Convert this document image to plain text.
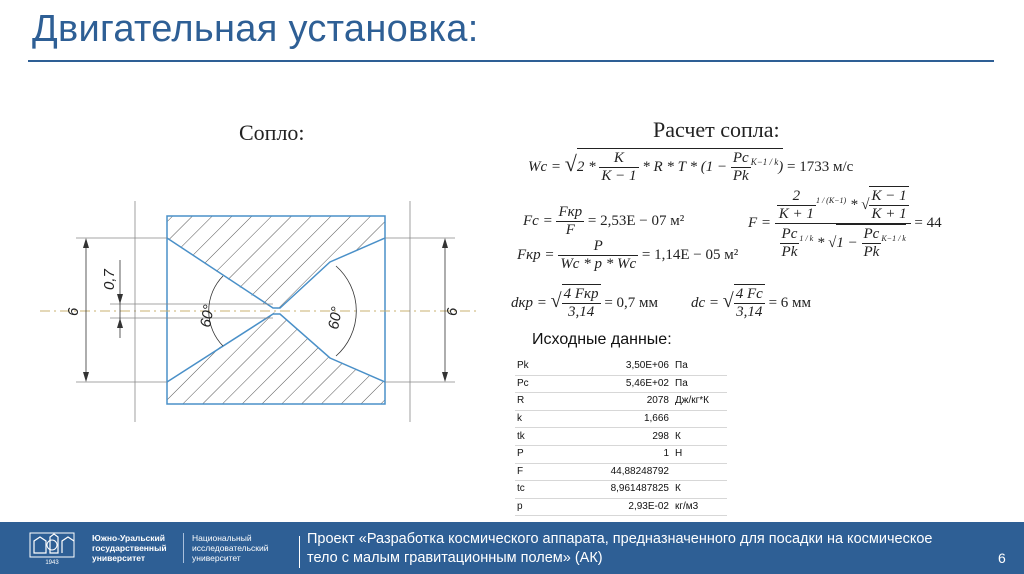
Двигательная установка:
Сопло:	Расчет сопла:
6	6
0,7
60°	60°
$Wc = √2 * \frac{K}{K - 1} * R * T * (1 - \frac{Pc}{Pk} ^{K-1 / k}) = 1733$ м/с
$Fc = \frac{\text{Fкр}}{F} = 2,53E - 07$ м²
Fкр = $\frac{P}{Wc * p * Wc} = 1,14E - 05$ м²
$F = \frac{\frac{2}{K + 1} ^{1 / (K-1)} * √ \frac{K - 1}{K + 1}}{\frac{Pc}{Pk} ^{1 / k} * √1 - \frac{Pc}{Pk} ^{K-1 / k}} = 44$
dкр = √ $\frac{\text{4 Fкр}}{3,14} = 0,7$ мм dc = √ $\frac{4 Fc}{3,14} = 6$ мм
Исходные данные:
Pk	3,50E+06	Па
Pc	5,46E+02	Па
R	2078	Дж/кг*К
k	1,666	
tk	298	К
P	1	Н
F	44,88248792	
tc	8,961487825	К
p	2,93E-02	кг/м3
1943
Южно-Уральский государственный университет
Национальный исследовательский университет
Проект «Разработка космического аппарата, предназначенного для посадки на космическое тело с малым гравитационным полем» (АК)	6
